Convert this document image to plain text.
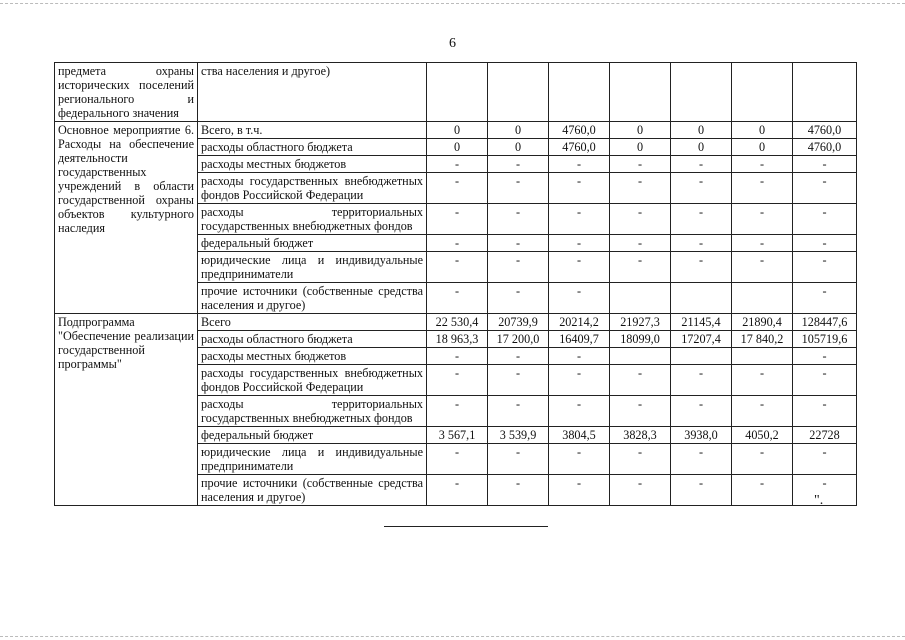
6
предмета охраны исторических поселений регионального и федерального значения	ства населения и другое)							
Основное мероприятие 6. Расходы на обеспечение деятельности государственных учреждений в области государственной охраны объектов культурного наследия	Всего, в т.ч.	0	0	4760,0	0	0	0	4760,0
	расходы областного бюджета	0	0	4760,0	0	0	0	4760,0
	расходы местных бюджетов	-	-	-	-	-	-	-
	расходы государственных внебюджетных фондов Российской Федерации	-	-	-	-	-	-	-
	расходы территориальных государственных внебюджетных фондов	-	-	-	-	-	-	-
	федеральный бюджет	-	-	-	-	-	-	-
	юридические лица и индивидуальные предприниматели	-	-	-	-	-	-	-
	прочие источники (собственные средства населения и другое)	-	-	-				-
Подпрограмма "Обеспечение реализации государственной программы"	Всего	22 530,4	20739,9	20214,2	21927,3	21145,4	21890,4	128447,6
	расходы областного бюджета	18 963,3	17 200,0	16409,7	18099,0	17207,4	17 840,2	105719,6
	расходы местных бюджетов	-	-	-				-
	расходы государственных внебюджетных фондов Российской Федерации	-	-	-	-	-	-	-
	расходы территориальных государственных внебюджетных фондов	-	-	-	-	-	-	-
	федеральный бюджет	3 567,1	3 539,9	3804,5	3828,3	3938,0	4050,2	22728
	юридические лица и индивидуальные предприниматели	-	-	-	-	-	-	-
	прочие источники (собственные средства населения и другое)	-	-	-	-	-	-	-
".
